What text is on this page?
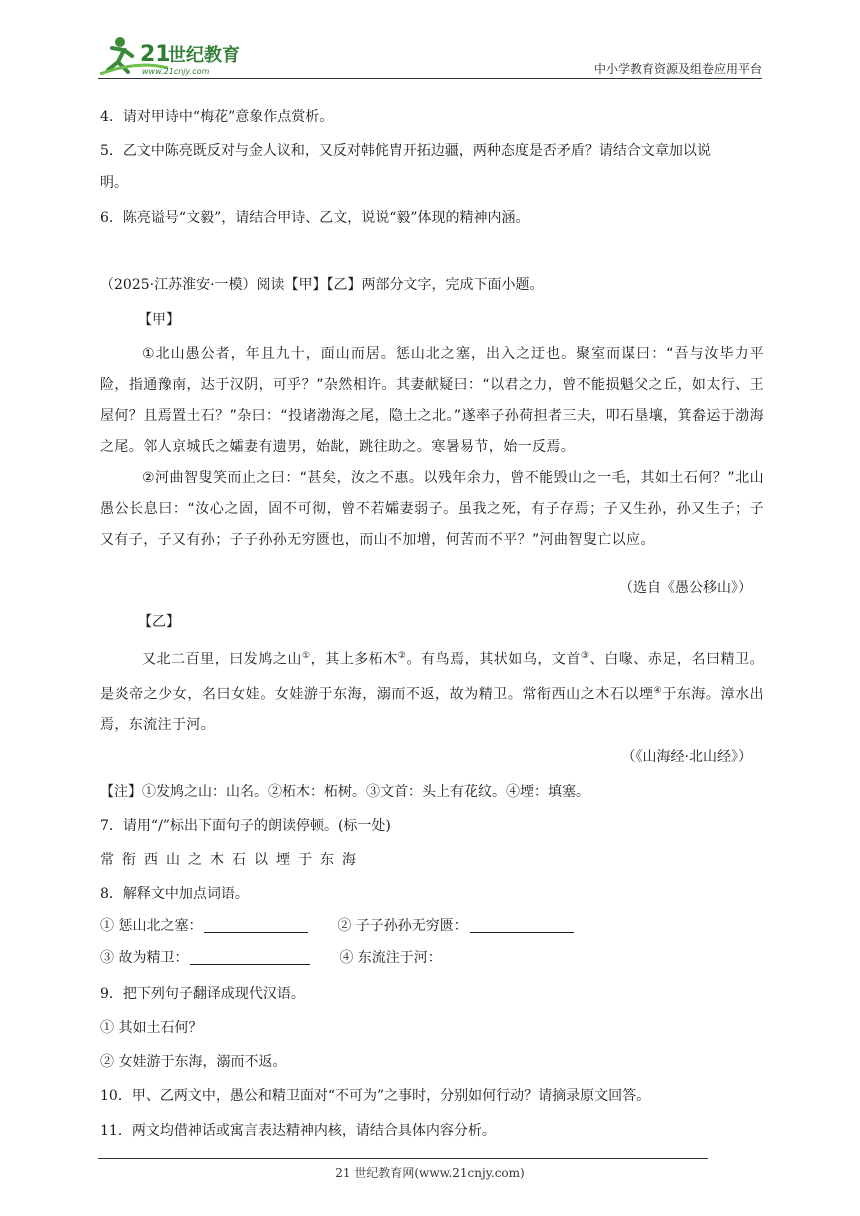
21
世纪教育
www.21cnjy.com	中小学教育资源及组卷应用平台
4．请对甲诗中“梅花”意象作点赏析。
5．乙文中陈亮既反对与金人议和，又反对韩侂胄开拓边疆，两种态度是否矛盾？请结合文章加以说
明。
6．陈亮谥号“文毅”，请结合甲诗、乙文，说说“毅”体现的精神内涵。
（2025·江苏淮安·一模）阅读【甲】【乙】两部分文字，完成下面小题。
【甲】
①北山愚公者，年且九十，面山而居。惩山北之塞，出入之迂也。聚室而谋曰：“吾与汝毕力平险，指通豫南，达于汉阴，可乎？”杂然相许。其妻献疑曰：“以君之力，曾不能损魁父之丘，如太行、王屋何？且焉置土石？”杂曰：“投诸渤海之尾，隐土之北。”遂率子孙荷担者三夫，叩石垦壤，箕畚运于渤海之尾。邻人京城氏之孀妻有遗男，始龀，跳往助之。寒暑易节，始一反焉。
②河曲智叟笑而止之曰：“甚矣，汝之不惠。以残年余力，曾不能毁山之一毛，其如土石何？”北山愚公长息曰：“汝心之固，固不可彻，曾不若孀妻弱子。虽我之死，有子存焉；子又生孙，孙又生子；子又有子，子又有孙；子子孙孙无穷匮也，而山不加增，何苦而不平？”河曲智叟亡以应。
（选自《愚公移山》）
【乙】
又北二百里，曰发鸠之山①，其上多柘木②。有鸟焉，其状如乌，文首③、白喙、赤足，名曰精卫。是炎帝之少女，名曰女娃。女娃游于东海，溺而不返，故为精卫。常衔西山之木石以堙④于东海。漳水出焉，东流注于河。
（《山海经·北山经》）
【注】①发鸠之山：山名。②柘木：柘树。③文首：头上有花纹。④堙：填塞。
7．请用“/”标出下面句子的朗读停顿。(标一处)
常衔西山之木石以堙于东海
8．解释文中加点词语。
① 惩山北之塞：	② 子子孙孙无穷匮：
③ 故为精卫：	④ 东流注于河：
9．把下列句子翻译成现代汉语。
① 其如土石何？
② 女娃游于东海，溺而不返。
10．甲、乙两文中，愚公和精卫面对“不可为”之事时，分别如何行动？请摘录原文回答。
11．两文均借神话或寓言表达精神内核，请结合具体内容分析。
21 世纪教育网(www.21cnjy.com)
